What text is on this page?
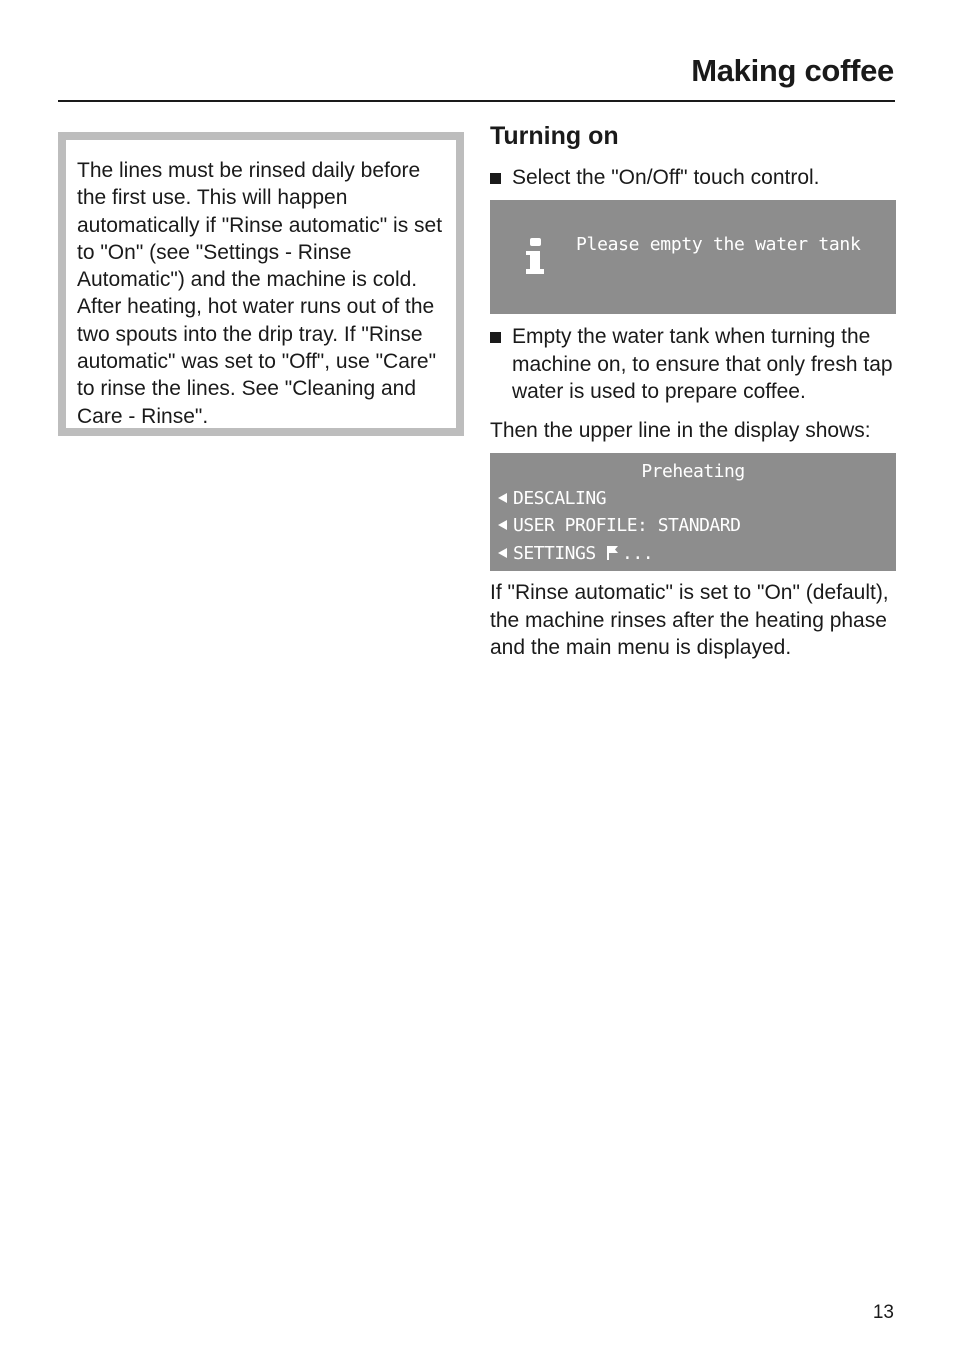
Making coffee
The lines must be rinsed daily before the first use. This will happen automatically if "Rinse automatic" is set to "On" (see "Settings - Rinse Automatic") and the machine is cold. After heating, hot water runs out of the two spouts into the drip tray. If "Rinse automatic" was set to "Off", use "Care" to rinse the lines. See "Cleaning and Care - Rinse".
Turning on
Select the "On/Off" touch control.
Please empty the water tank
Empty the water tank when turning the machine on, to ensure that only fresh tap water is used to prepare coffee.

Then the upper line in the display shows:

Preheating
DESCALING
USER PROFILE: STANDARD
SETTINGS ...

If "Rinse automatic" is set to "On" (default), the machine rinses after the heating phase and the main menu is displayed.

13
